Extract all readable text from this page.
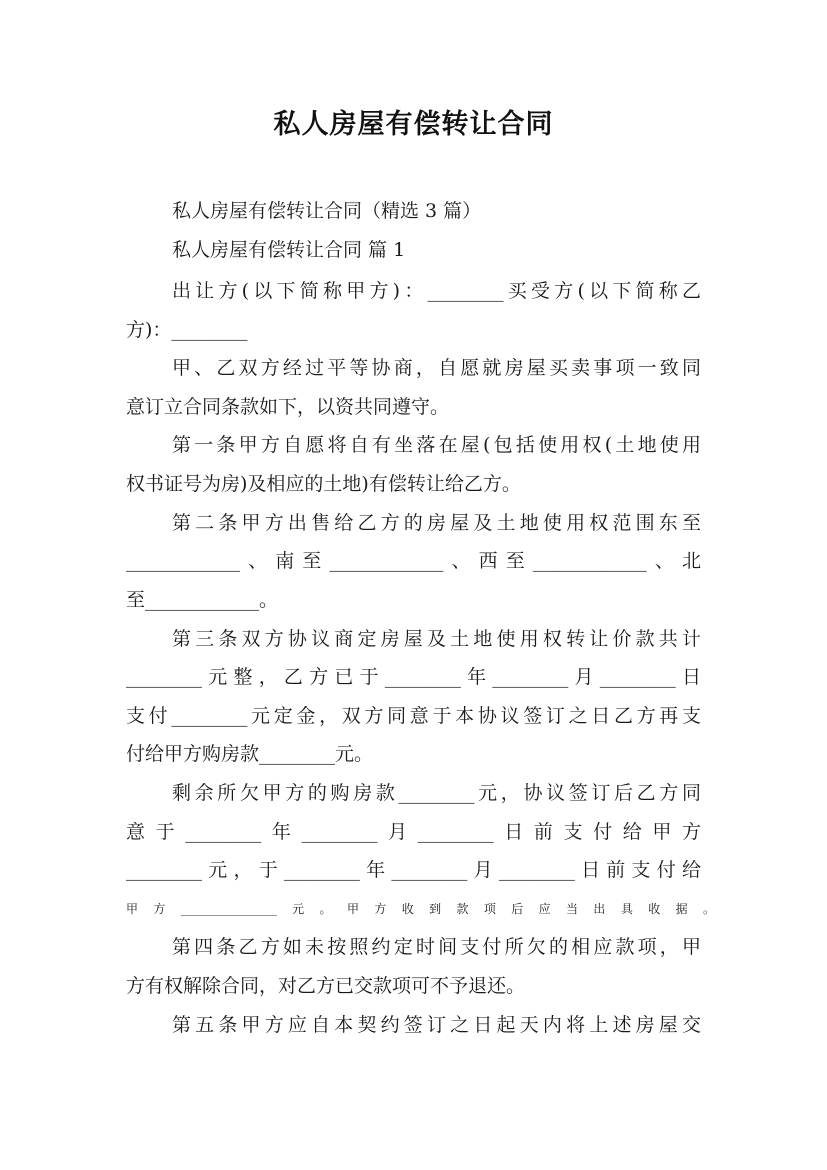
私人房屋有偿转让合同
私人房屋有偿转让合同（精选 3 篇）
私人房屋有偿转让合同 篇 1
出让方(以下简称甲方)：________买受方(以下简称乙
方)：________
甲、乙双方经过平等协商，自愿就房屋买卖事项一致同
意订立合同条款如下，以资共同遵守。
第一条甲方自愿将自有坐落在屋(包括使用权(土地使用
权书证号为房)及相应的土地)有偿转让给乙方。
第二条甲方出售给乙方的房屋及土地使用权范围东至
____________、南至____________、西至____________、北
至____________。
第三条双方协议商定房屋及土地使用权转让价款共计
________元整，乙方已于________年________月________日
支付________元定金，双方同意于本协议签订之日乙方再支
付给甲方购房款________元。
剩余所欠甲方的购房款________元，协议签订后乙方同
意于________年________月________日前支付给甲方
________元，于________年________月________日前支付给
甲方________________元。甲方收到款项后应当出具收据。
第四条乙方如未按照约定时间支付所欠的相应款项，甲
方有权解除合同，对乙方已交款项可不予退还。
第五条甲方应自本契约签订之日起天内将上述房屋交
